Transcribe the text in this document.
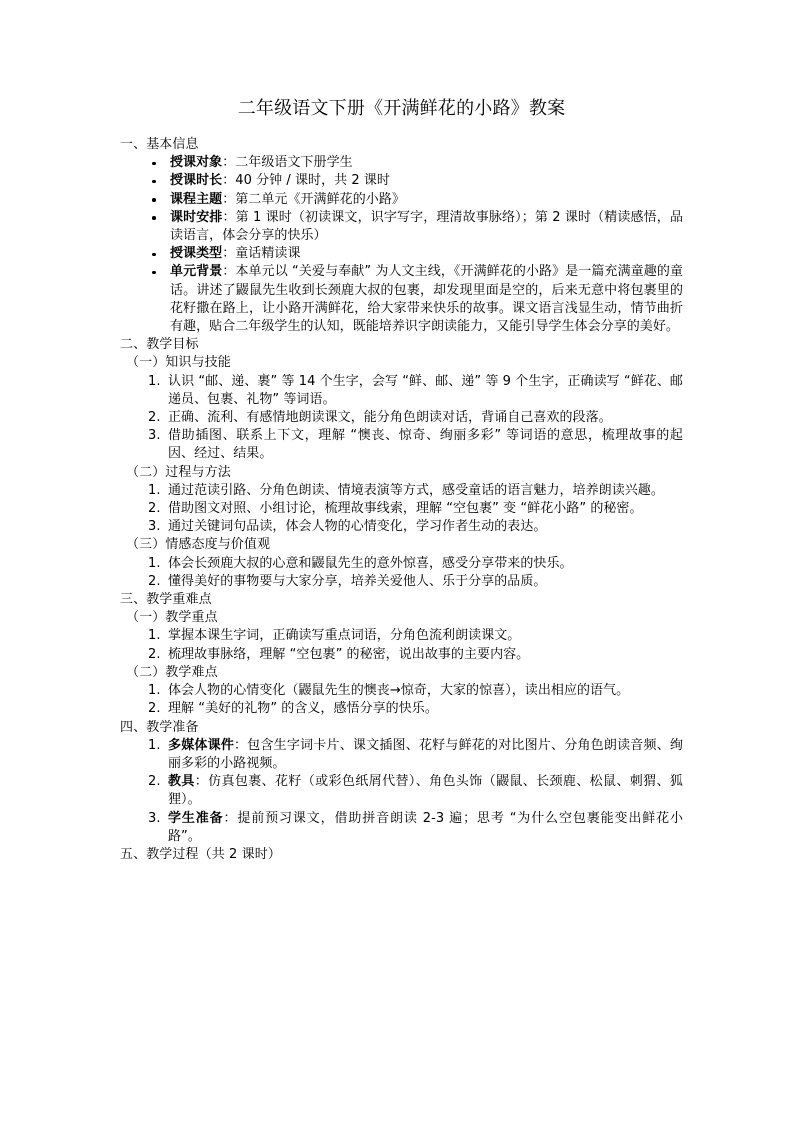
二年级语文下册《开满鲜花的小路》教案
一、基本信息
授课对象：二年级语文下册学生
授课时长：40 分钟 / 课时，共 2 课时
课程主题：第二单元《开满鲜花的小路》
课时安排：第 1 课时（初读课文，识字写字，理清故事脉络）；第 2 课时（精读感悟，品读语言，体会分享的快乐）
授课类型：童话精读课
单元背景：本单元以 “关爱与奉献” 为人文主线，《开满鲜花的小路》是一篇充满童趣的童话。讲述了鼹鼠先生收到长颈鹿大叔的包裹，却发现里面是空的，后来无意中将包裹里的花籽撒在路上，让小路开满鲜花，给大家带来快乐的故事。课文语言浅显生动，情节曲折有趣，贴合二年级学生的认知，既能培养识字朗读能力，又能引导学生体会分享的美好。
二、教学目标
（一）知识与技能
认识 “邮、递、裹” 等 14 个生字，会写 “鲜、邮、递” 等 9 个生字，正确读写 “鲜花、邮递员、包裹、礼物” 等词语。
正确、流利、有感情地朗读课文，能分角色朗读对话，背诵自己喜欢的段落。
借助插图、联系上下文，理解 “懊丧、惊奇、绚丽多彩” 等词语的意思，梳理故事的起因、经过、结果。
（二）过程与方法
通过范读引路、分角色朗读、情境表演等方式，感受童话的语言魅力，培养朗读兴趣。
借助图文对照、小组讨论，梳理故事线索，理解 “空包裹” 变 “鲜花小路” 的秘密。
通过关键词句品读，体会人物的心情变化，学习作者生动的表达。
（三）情感态度与价值观
体会长颈鹿大叔的心意和鼹鼠先生的意外惊喜，感受分享带来的快乐。
懂得美好的事物要与大家分享，培养关爱他人、乐于分享的品质。
三、教学重难点
（一）教学重点
掌握本课生字词，正确读写重点词语，分角色流利朗读课文。
梳理故事脉络，理解 “空包裹” 的秘密，说出故事的主要内容。
（二）教学难点
体会人物的心情变化（鼹鼠先生的懊丧→惊奇，大家的惊喜），读出相应的语气。
理解 “美好的礼物” 的含义，感悟分享的快乐。
四、教学准备
多媒体课件：包含生字词卡片、课文插图、花籽与鲜花的对比图片、分角色朗读音频、绚丽多彩的小路视频。
教具：仿真包裹、花籽（或彩色纸屑代替）、角色头饰（鼹鼠、长颈鹿、松鼠、刺猬、狐狸）。
学生准备：提前预习课文，借助拼音朗读 2-3 遍；思考 “为什么空包裹能变出鲜花小路”。
五、教学过程（共 2 课时）
